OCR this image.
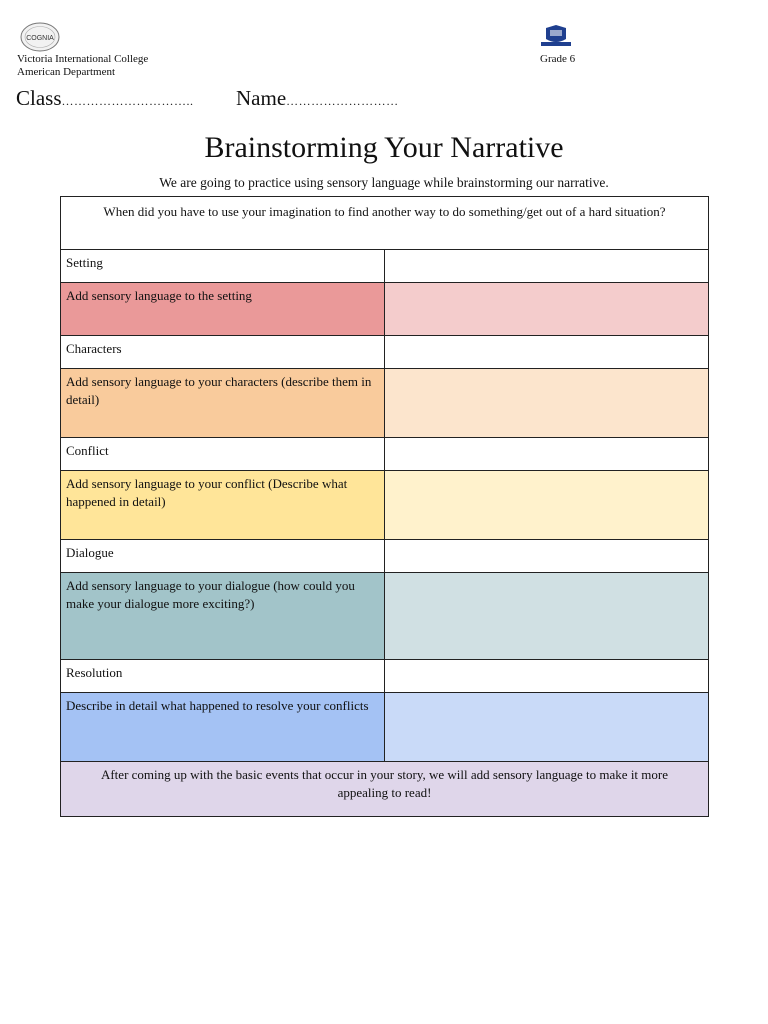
COGNIA
Victoria International College
American Department
Grade 6
Class………………………….. Name………………………
Brainstorming Your Narrative
We are going to practice using sensory language while brainstorming our narrative.
When did you have to use your imagination to find another way to do something/get out of a hard situation?	
Setting	
Add sensory language to the setting	
Characters	
Add sensory language to your characters (describe them in detail)	
Conflict	
Add sensory language to your conflict (Describe what happened in detail)	
Dialogue	
Add sensory language to your dialogue (how could you make your dialogue more exciting?)	
Resolution	
Describe in detail what happened to resolve your conflicts	

After coming up with the basic events that occur in your story, we will add sensory language to make it more
appealing to read!	
